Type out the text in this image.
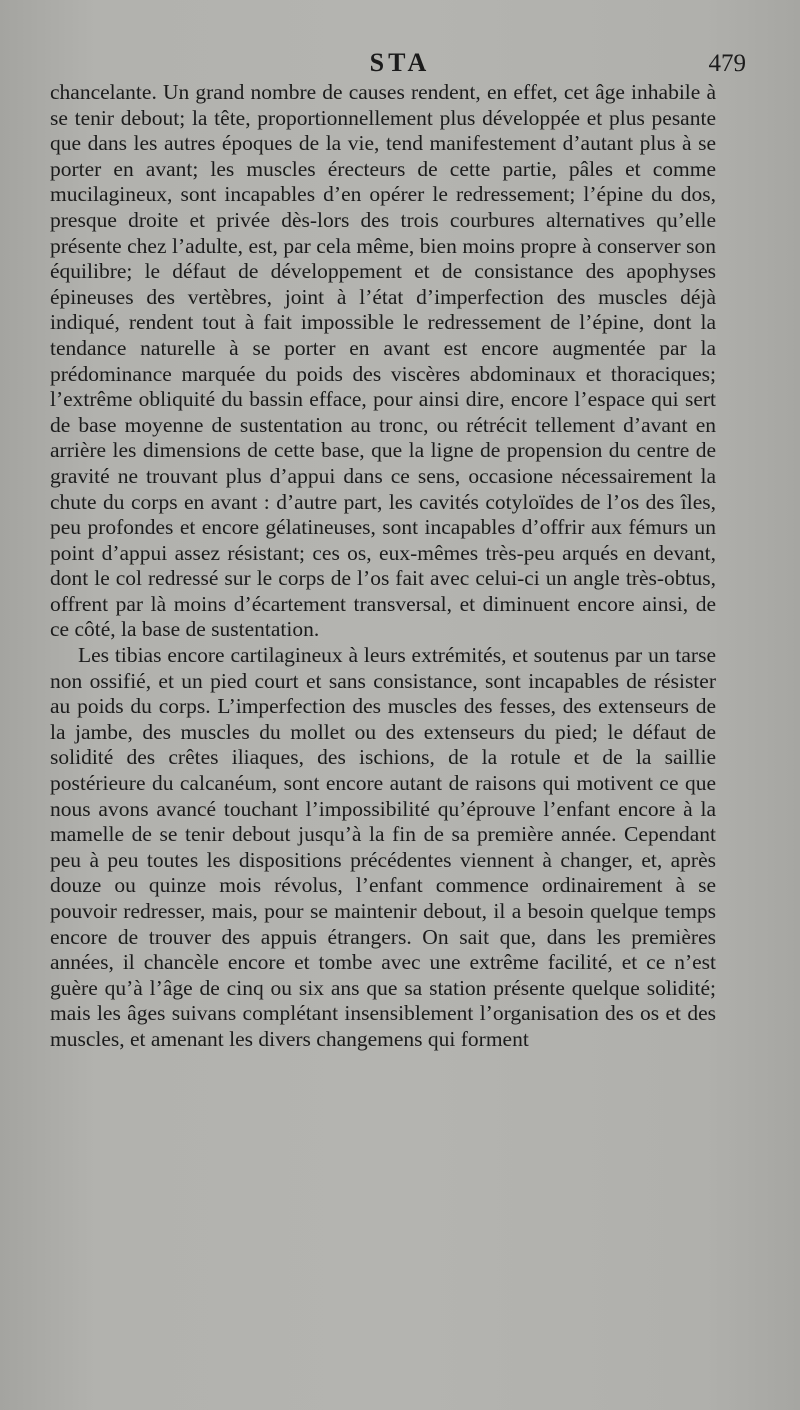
STA	479

chancelante. Un grand nombre de causes rendent, en effet, cet âge inhabile à se tenir debout; la tête, proportionnellement plus développée et plus pesante que dans les autres époques de la vie, tend manifestement d’autant plus à se porter en avant; les muscles érecteurs de cette partie, pâles et comme mucilagineux, sont incapables d’en opérer le redressement; l’épine du dos, presque droite et privée dès-lors des trois courbures alternatives qu’elle présente chez l’adulte, est, par cela même, bien moins propre à conserver son équilibre; le défaut de développement et de consistance des apophyses épineuses des vertèbres, joint à l’état d’imperfection des muscles déjà indiqué, rendent tout à fait impossible le redressement de l’épine, dont la tendance naturelle à se porter en avant est encore augmentée par la prédominance marquée du poids des viscères abdominaux et thoraciques; l’extrême obliquité du bassin efface, pour ainsi dire, encore l’espace qui sert de base moyenne de sustentation au tronc, ou rétrécit tellement d’avant en arrière les dimensions de cette base, que la ligne de propension du centre de gravité ne trouvant plus d’appui dans ce sens, occasione nécessairement la chute du corps en avant : d’autre part, les cavités cotyloïdes de l’os des îles, peu profondes et encore gélatineuses, sont incapables d’offrir aux fémurs un point d’appui assez résistant; ces os, eux-mêmes très-peu arqués en devant, dont le col redressé sur le corps de l’os fait avec celui-ci un angle très-obtus, offrent par là moins d’écartement transversal, et diminuent encore ainsi, de ce côté, la base de sustentation.

Les tibias encore cartilagineux à leurs extrémités, et soutenus par un tarse non ossifié, et un pied court et sans consistance, sont incapables de résister au poids du corps. L’imperfection des muscles des fesses, des extenseurs de la jambe, des muscles du mollet ou des extenseurs du pied; le défaut de solidité des crêtes iliaques, des ischions, de la rotule et de la saillie postérieure du calcanéum, sont encore autant de raisons qui motivent ce que nous avons avancé touchant l’impossibilité qu’éprouve l’enfant encore à la mamelle de se tenir debout jusqu’à la fin de sa première année. Cependant peu à peu toutes les dispositions précédentes viennent à changer, et, après douze ou quinze mois révolus, l’enfant commence ordinairement à se pouvoir redresser, mais, pour se maintenir debout, il a besoin quelque temps encore de trouver des appuis étrangers. On sait que, dans les premières années, il chancèle encore et tombe avec une extrême facilité, et ce n’est guère qu’à l’âge de cinq ou six ans que sa station présente quelque solidité; mais les âges suivans complétant insensiblement l’organisation des os et des muscles, et amenant les divers changemens qui forment
